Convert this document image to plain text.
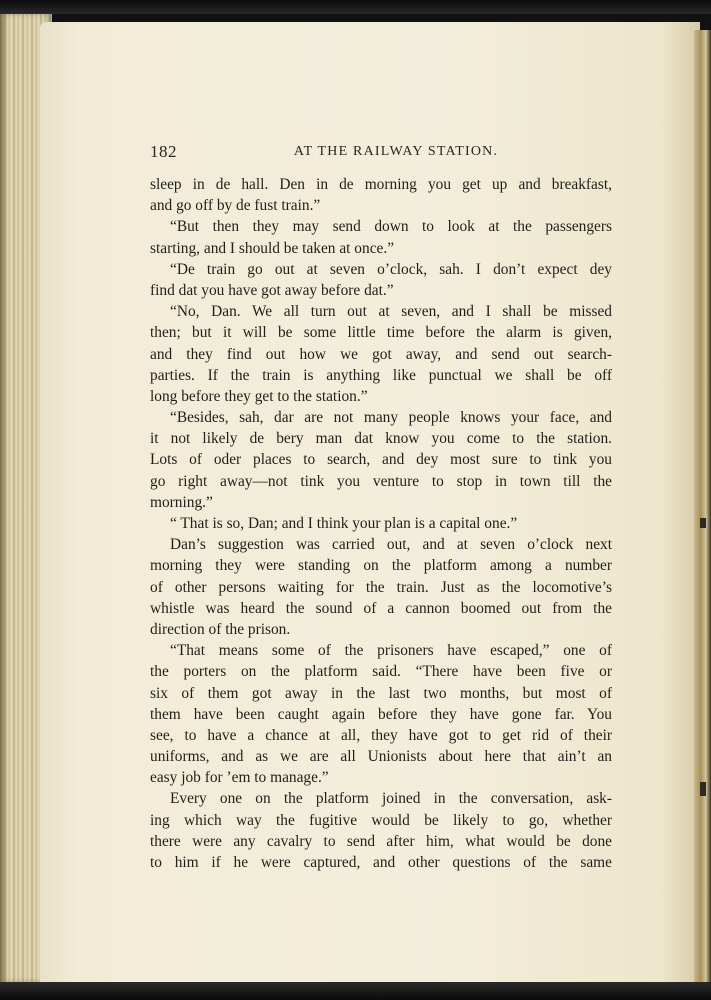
182	AT THE RAILWAY STATION.
sleep in de hall. Den in de morning you get up and breakfast,
and go off by de fust train.”
“But then they may send down to look at the passengers
starting, and I should be taken at once.”
“De train go out at seven o’clock, sah. I don’t expect dey
find dat you have got away before dat.”
“No, Dan. We all turn out at seven, and I shall be missed
then; but it will be some little time before the alarm is given,
and they find out how we got away, and send out search-
parties. If the train is anything like punctual we shall be off
long before they get to the station.”
“Besides, sah, dar are not many people knows your face, and
it not likely de bery man dat know you come to the station.
Lots of oder places to search, and dey most sure to tink you
go right away—not tink you venture to stop in town till the
morning.”
“ That is so, Dan; and I think your plan is a capital one.”
Dan’s suggestion was carried out, and at seven o’clock next
morning they were standing on the platform among a number
of other persons waiting for the train. Just as the locomotive’s
whistle was heard the sound of a cannon boomed out from the
direction of the prison.
“That means some of the prisoners have escaped,” one of
the porters on the platform said. “There have been five or
six of them got away in the last two months, but most of
them have been caught again before they have gone far. You
see, to have a chance at all, they have got to get rid of their
uniforms, and as we are all Unionists about here that ain’t an
easy job for ’em to manage.”
Every one on the platform joined in the conversation, ask-
ing which way the fugitive would be likely to go, whether
there were any cavalry to send after him, what would be done
to him if he were captured, and other questions of the same
